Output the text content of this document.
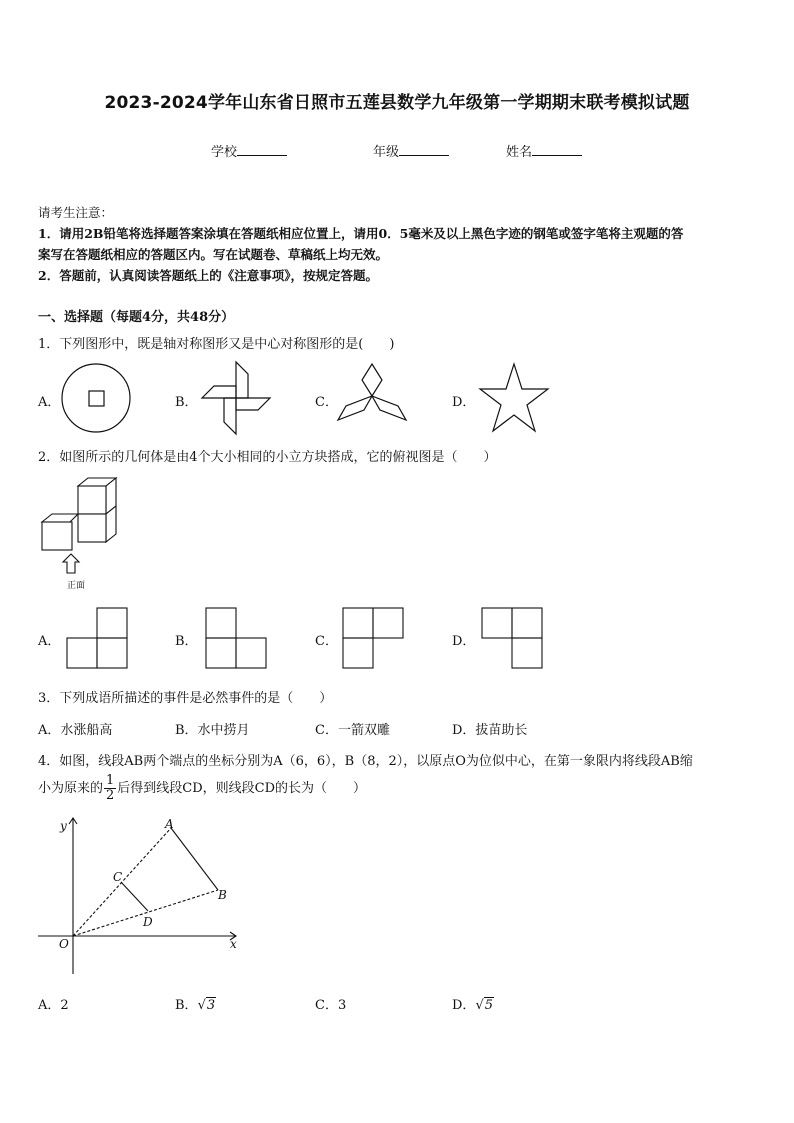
2023-2024学年山东省日照市五莲县数学九年级第一学期期末联考模拟试题
学校	年级	姓名
请考生注意：
1．请用2B铅笔将选择题答案涂填在答题纸相应位置上，请用0．5毫米及以上黑色字迹的钢笔或签字笔将主观题的答
案写在答题纸相应的答题区内。写在试题卷、草稿纸上均无效。
2．答题前，认真阅读答题纸上的《注意事项》，按规定答题。
一、选择题（每题4分，共48分）
1．下列图形中，既是轴对称图形又是中心对称图形的是(　　)
A．	B．	C．	D．
2．如图所示的几何体是由4个大小相同的小立方块搭成，它的俯视图是（　　）
正面
A．	B．	C．	D．
3．下列成语所描述的事件是必然事件的是（　　）
A．水涨船高	B．水中捞月	C．一箭双雕	D．拔苗助长
4．如图，线段AB两个端点的坐标分别为A（6，6），B（8，2），以原点O为位似中心，在第一象限内将线段AB缩
小为原来的 $\frac{1}{2}$ 后得到线段CD，则线段CD的长为（　　）
y
x
O
A
B
C
D
A．2	B．√3	C．3	D．√5
